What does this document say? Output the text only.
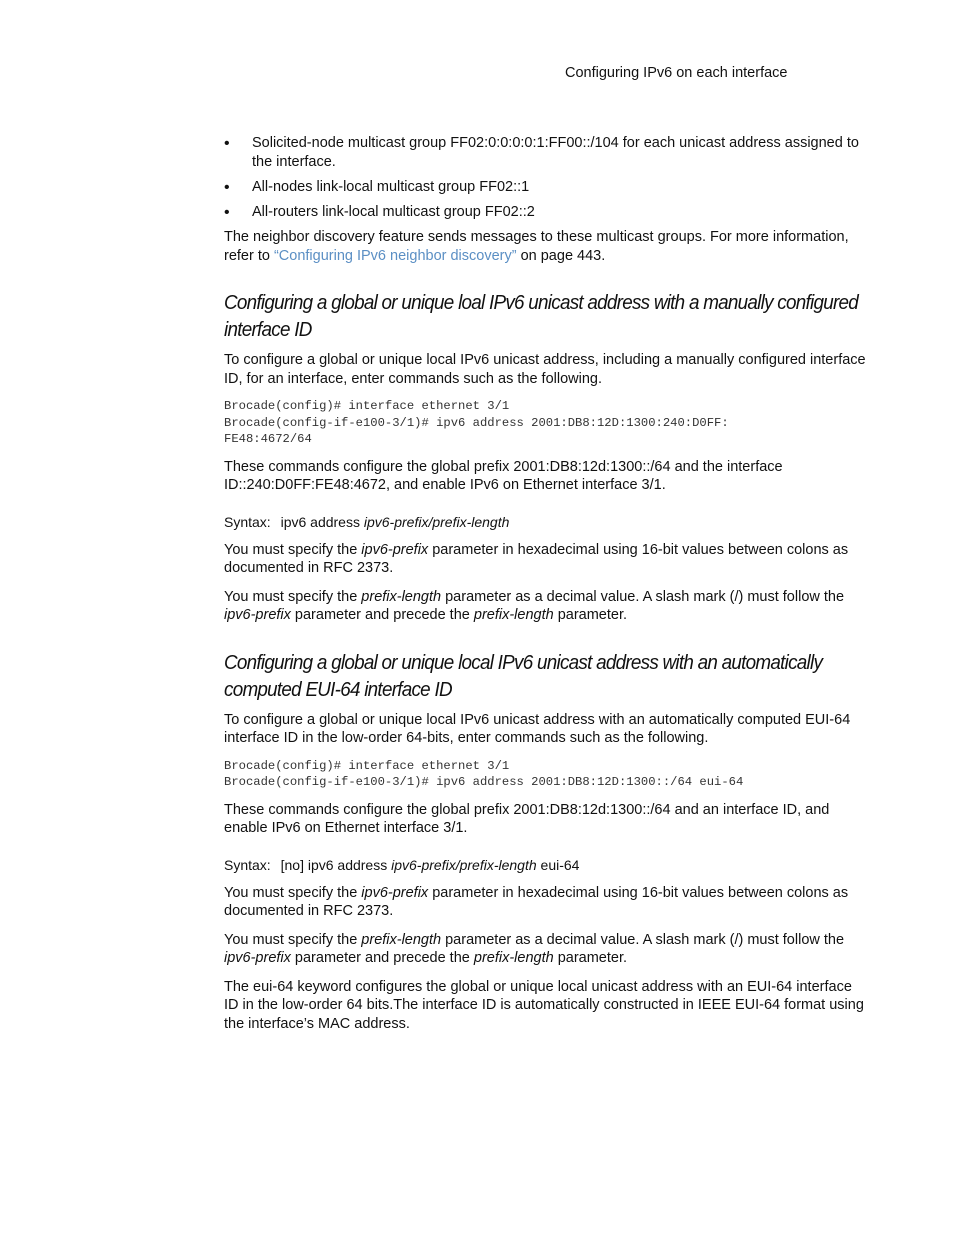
Configuring IPv6 on each interface
• Solicited-node multicast group FF02:0:0:0:0:1:FF00::/104 for each unicast address assigned to the interface.
• All-nodes link-local multicast group FF02::1
• All-routers link-local multicast group FF02::2

The neighbor discovery feature sends messages to these multicast groups. For more information, refer to “Configuring IPv6 neighbor discovery” on page 443.

Configuring a global or unique loal IPv6 unicast address with a manually configured interface ID

To configure a global or unique local IPv6 unicast address, including a manually configured interface ID, for an interface, enter commands such as the following.

Brocade(config)# interface ethernet 3/1
Brocade(config-if-e100-3/1)# ipv6 address 2001:DB8:12D:1300:240:D0FF:
FE48:4672/64

These commands configure the global prefix 2001:DB8:12d:1300::/64 and the interface ID::240:D0FF:FE48:4672, and enable IPv6 on Ethernet interface 3/1.

Syntax: ipv6 address ipv6-prefix/prefix-length

You must specify the ipv6-prefix parameter in hexadecimal using 16-bit values between colons as documented in RFC 2373.

You must specify the prefix-length parameter as a decimal value. A slash mark (/) must follow the ipv6-prefix parameter and precede the prefix-length parameter.

Configuring a global or unique local IPv6 unicast address with an automatically computed EUI-64 interface ID

To configure a global or unique local IPv6 unicast address with an automatically computed EUI-64 interface ID in the low-order 64-bits, enter commands such as the following.

Brocade(config)# interface ethernet 3/1
Brocade(config-if-e100-3/1)# ipv6 address 2001:DB8:12D:1300::/64 eui-64

These commands configure the global prefix 2001:DB8:12d:1300::/64 and an interface ID, and enable IPv6 on Ethernet interface 3/1.

Syntax: [no] ipv6 address ipv6-prefix/prefix-length eui-64

You must specify the ipv6-prefix parameter in hexadecimal using 16-bit values between colons as documented in RFC 2373.

You must specify the prefix-length parameter as a decimal value. A slash mark (/) must follow the ipv6-prefix parameter and precede the prefix-length parameter.

The eui-64 keyword configures the global or unique local unicast address with an EUI-64 interface ID in the low-order 64 bits.The interface ID is automatically constructed in IEEE EUI-64 format using the interface’s MAC address.
